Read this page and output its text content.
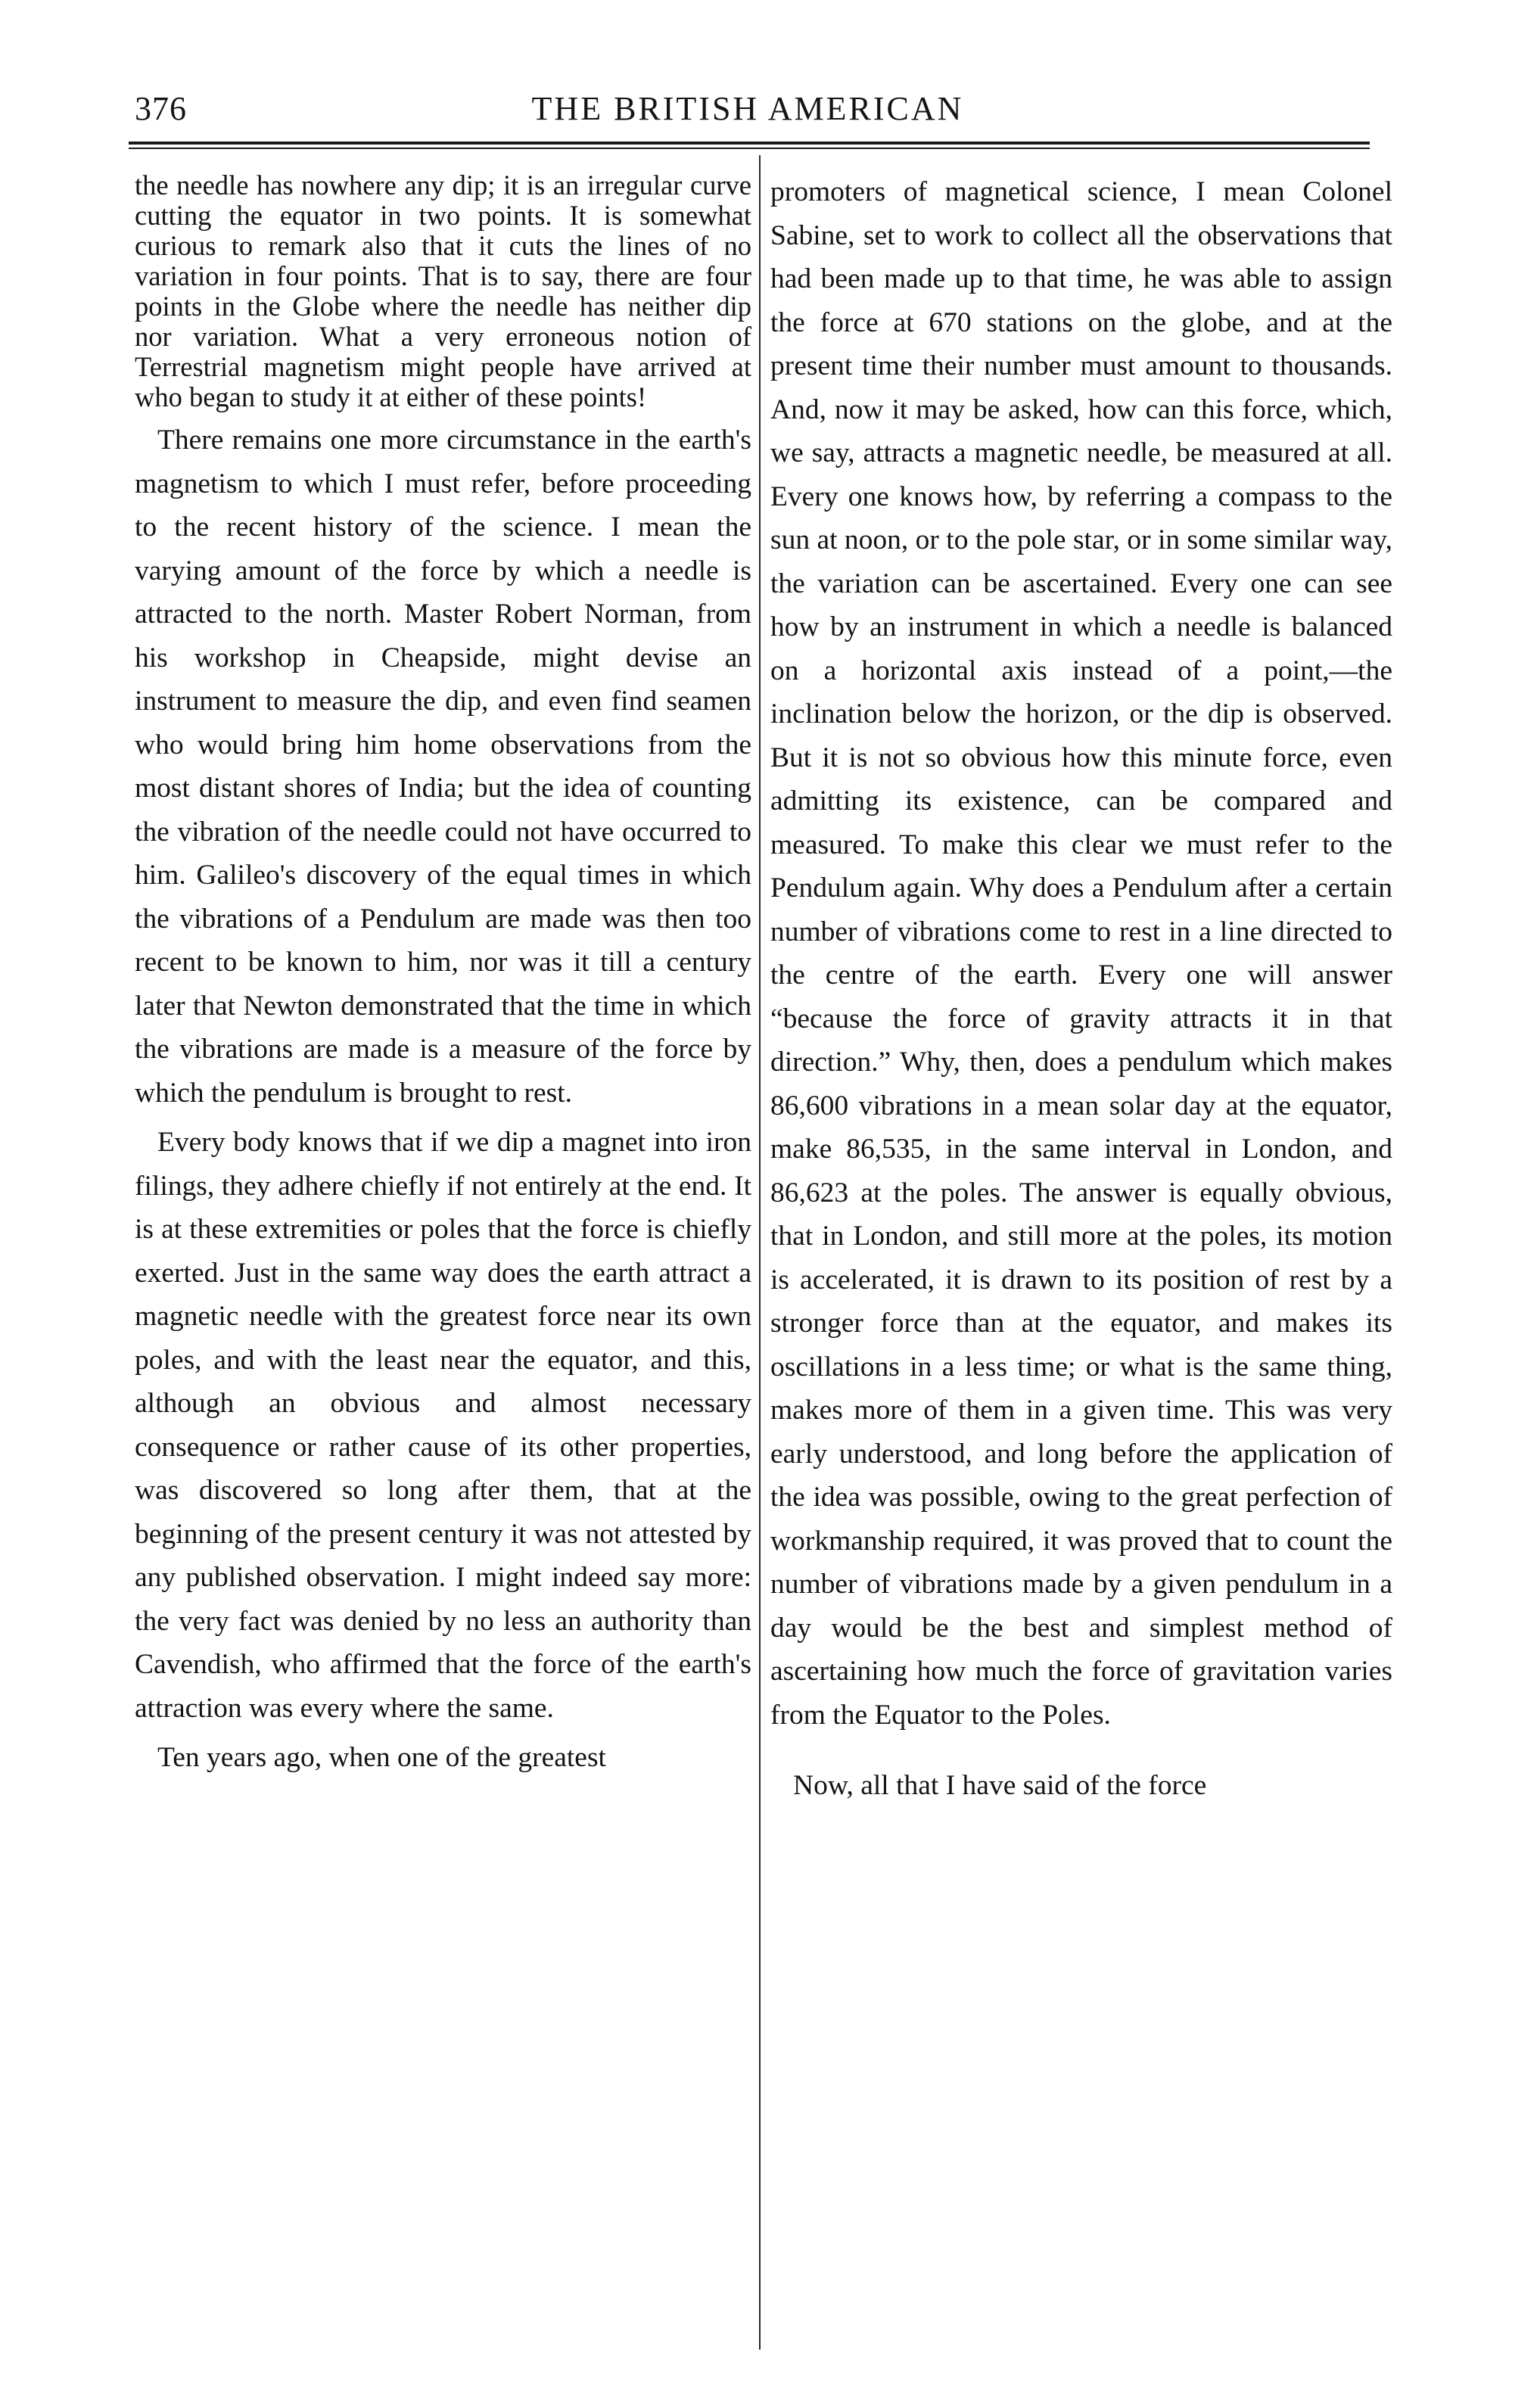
376	THE BRITISH AMERICAN

the needle has nowhere any dip; it is an irregular curve cutting the equator in two points. It is somewhat curious to remark also that it cuts the lines of no variation in four points. That is to say, there are four points in the Globe where the needle has neither dip nor variation. What a very erroneous notion of Terrestrial magnetism might people have arrived at who began to study it at either of these points!

There remains one more circumstance in the earth's magnetism to which I must refer, before proceeding to the recent history of the science. I mean the varying amount of the force by which a needle is attracted to the north. Master Robert Norman, from his workshop in Cheapside, might devise an instrument to measure the dip, and even find seamen who would bring him home observations from the most distant shores of India; but the idea of counting the vibration of the needle could not have occurred to him. Galileo's discovery of the equal times in which the vibrations of a Pendulum are made was then too recent to be known to him, nor was it till a century later that Newton demonstrated that the time in which the vibrations are made is a measure of the force by which the pendulum is brought to rest.

Every body knows that if we dip a magnet into iron filings, they adhere chiefly if not entirely at the end. It is at these extremities or poles that the force is chiefly exerted. Just in the same way does the earth attract a magnetic needle with the greatest force near its own poles, and with the least near the equator, and this, although an obvious and almost necessary consequence or rather cause of its other properties, was discovered so long after them, that at the beginning of the present century it was not attested by any published observation. I might indeed say more: the very fact was denied by no less an authority than Cavendish, who affirmed that the force of the earth's attraction was every where the same.

Ten years ago, when one of the greatest

promoters of magnetical science, I mean Colonel Sabine, set to work to collect all the observations that had been made up to that time, he was able to assign the force at 670 stations on the globe, and at the present time their number must amount to thousands. And, now it may be asked, how can this force, which, we say, attracts a magnetic needle, be measured at all. Every one knows how, by referring a compass to the sun at noon, or to the pole star, or in some similar way, the variation can be ascertained. Every one can see how by an instrument in which a needle is balanced on a horizontal axis instead of a point,—the inclination below the horizon, or the dip is observed. But it is not so obvious how this minute force, even admitting its existence, can be compared and measured. To make this clear we must refer to the Pendulum again. Why does a Pendulum after a certain number of vibrations come to rest in a line directed to the centre of the earth. Every one will answer “because the force of gravity attracts it in that direction.” Why, then, does a pendulum which makes 86,600 vibrations in a mean solar day at the equator, make 86,535, in the same interval in London, and 86,623 at the poles. The answer is equally obvious, that in London, and still more at the poles, its motion is accelerated, it is drawn to its position of rest by a stronger force than at the equator, and makes its oscillations in a less time; or what is the same thing, makes more of them in a given time. This was very early understood, and long before the application of the idea was possible, owing to the great perfection of workmanship required, it was proved that to count the number of vibrations made by a given pendulum in a day would be the best and simplest method of ascertaining how much the force of gravitation varies from the Equator to the Poles.

Now, all that I have said of the force
